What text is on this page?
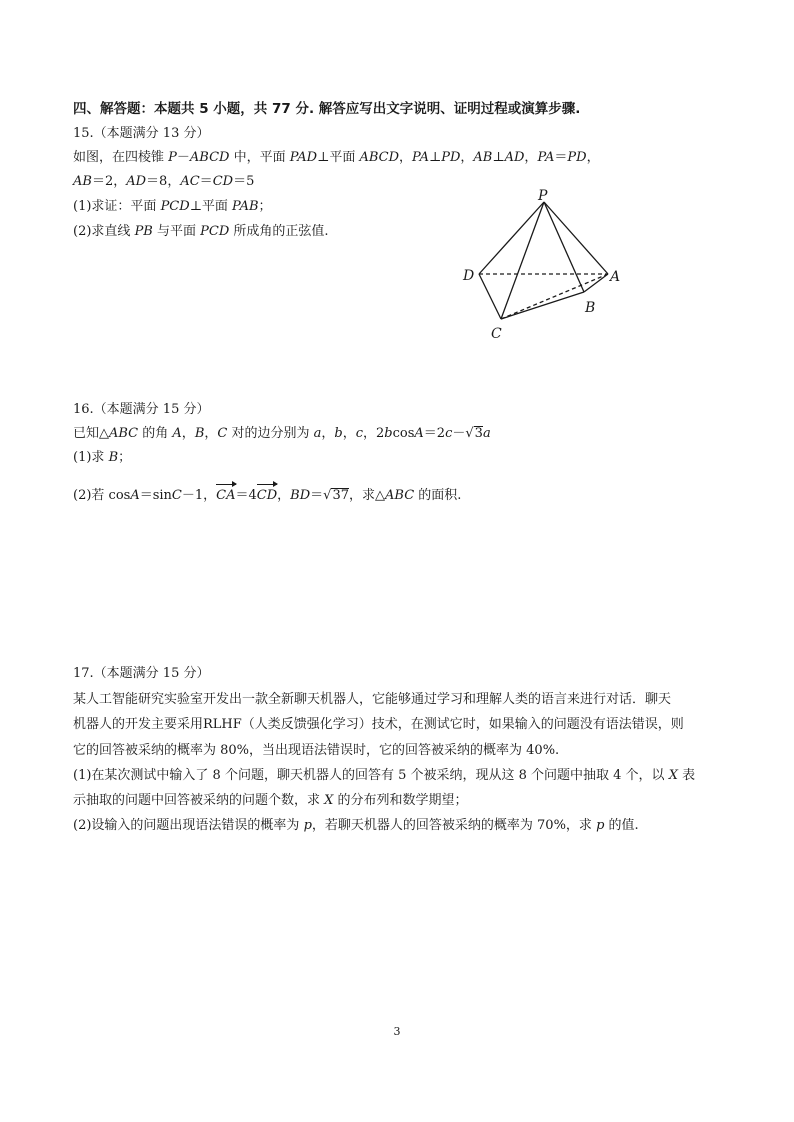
四、解答题：本题共 5 小题，共 77 分. 解答应写出文字说明、证明过程或演算步骤.
15.（本题满分 13 分）
如图，在四棱锥 P－ABCD 中，平面 PAD⊥平面 ABCD，PA⊥PD，AB⊥AD，PA＝PD，
AB＝2，AD＝8，AC＝CD＝5
(1)求证：平面 PCD⊥平面 PAB；
(2)求直线 PB 与平面 PCD 所成角的正弦值.
P
D	A
B
C
16.（本题满分 15 分）
已知△ABC 的角 A，B，C 对的边分别为 a，b，c，2bcosA＝2c－√3a
(1)求 B；
(2)若 cosA＝sinC－1，CA＝4CD，BD＝√37，求△ABC 的面积.
17.（本题满分 15 分）
某人工智能研究实验室开发出一款全新聊天机器人，它能够通过学习和理解人类的语言来进行对话．聊天
机器人的开发主要采用RLHF（人类反馈强化学习）技术，在测试它时，如果输入的问题没有语法错误，则
它的回答被采纳的概率为 80%，当出现语法错误时，它的回答被采纳的概率为 40%.
(1)在某次测试中输入了 8 个问题，聊天机器人的回答有 5 个被采纳，现从这 8 个问题中抽取 4 个，以 X 表
示抽取的问题中回答被采纳的问题个数，求 X 的分布列和数学期望；
(2)设输入的问题出现语法错误的概率为 p，若聊天机器人的回答被采纳的概率为 70%，求 p 的值.
3
